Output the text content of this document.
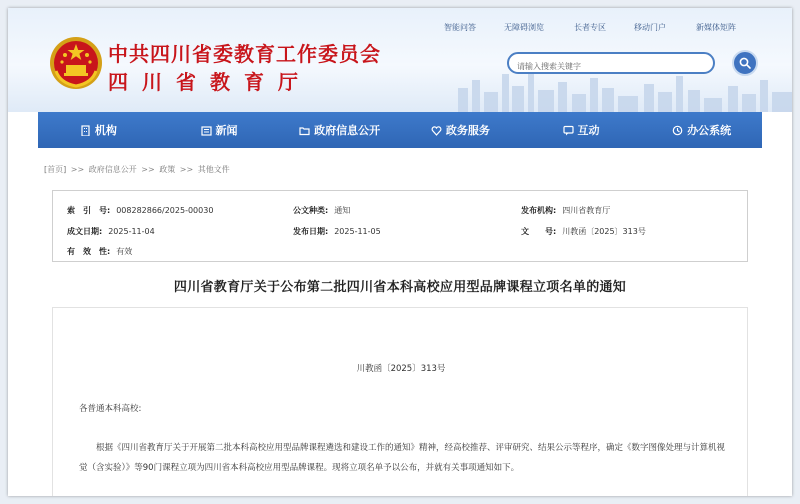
智能问答	无障碍浏览	长者专区	移动门户	新媒体矩阵
中共四川省委教育工作委员会
四川省教育厅
请输入搜索关键字
机构	新闻	政府信息公开	政务服务	互动	办公系统
[首页] >> 政府信息公开 >> 政策 >> 其他文件
索　引　号: 008282866/2025-00030	公文种类: 通知	发布机构: 四川省教育厅
成文日期: 2025-11-04	发布日期: 2025-11-05	文　　号: 川教函〔2025〕313号
有　效　性: 有效
四川省教育厅关于公布第二批四川省本科高校应用型品牌课程立项名单的通知
川教函〔2025〕313号
各普通本科高校:
根据《四川省教育厅关于开展第二批本科高校应用型品牌课程遴选和建设工作的通知》精神，经高校推荐、评审研究、结果公示等程序，确定《数字图像处理与计算机视觉（含实验）》等90门课程立项为四川省本科高校应用型品牌课程。现将立项名单予以公布，并就有关事项通知如下。
